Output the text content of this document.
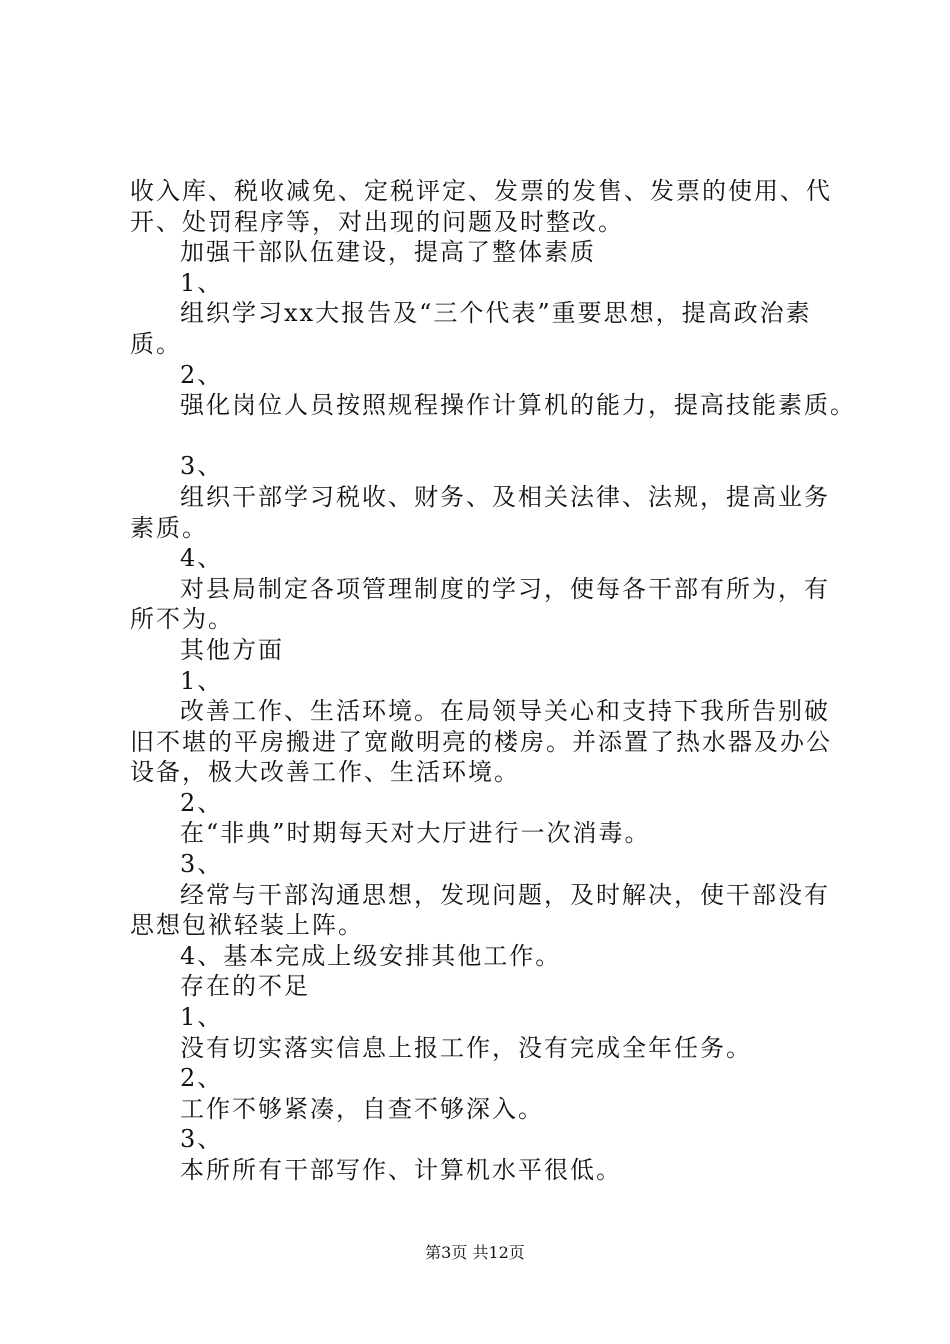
收入库、税收减免、定税评定、发票的发售、发票的使用、代
开、处罚程序等，对出现的问题及时整改。
加强干部队伍建设，提高了整体素质
1、
组织学习xx大报告及“三个代表”重要思想，提高政治素
质。
2、
强化岗位人员按照规程操作计算机的能力，提高技能素质。
3、
组织干部学习税收、财务、及相关法律、法规，提高业务
素质。
4、
对县局制定各项管理制度的学习，使每各干部有所为，有
所不为。
其他方面
1、
改善工作、生活环境。在局领导关心和支持下我所告别破
旧不堪的平房搬进了宽敞明亮的楼房。并添置了热水器及办公
设备，极大改善工作、生活环境。
2、
在“非典”时期每天对大厅进行一次消毒。
3、
经常与干部沟通思想，发现问题，及时解决，使干部没有
思想包袱轻装上阵。
4、基本完成上级安排其他工作。
存在的不足
1、
没有切实落实信息上报工作，没有完成全年任务。
2、
工作不够紧凑，自查不够深入。
3、
本所所有干部写作、计算机水平很低。
第3页 共12页
